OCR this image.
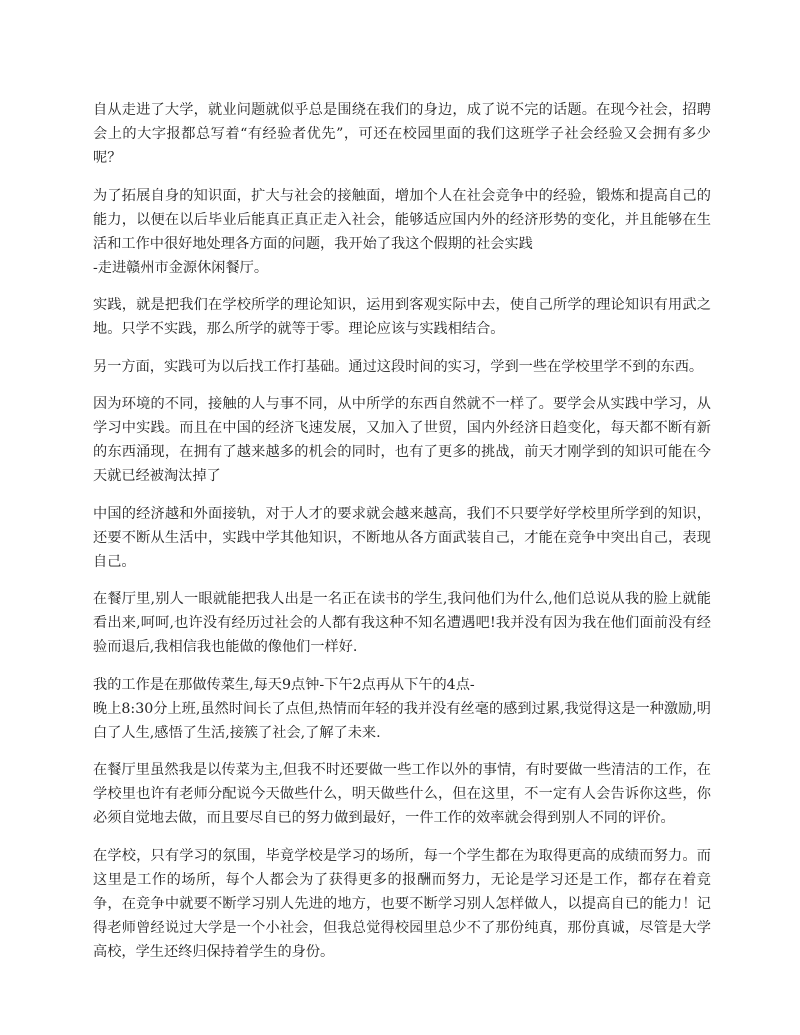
自从走进了大学，就业问题就似乎总是围绕在我们的身边，成了说不完的话题。在现今社会，招聘会上的大字报都总写着“有经验者优先”，可还在校园里面的我们这班学子社会经验又会拥有多少呢？

为了拓展自身的知识面，扩大与社会的接触面，增加个人在社会竞争中的经验，锻炼和提高自己的能力，以便在以后毕业后能真正真正走入社会，能够适应国内外的经济形势的变化，并且能够在生活和工作中很好地处理各方面的问题，我开始了我这个假期的社会实践
-走进赣州市金源休闲餐厅。

实践，就是把我们在学校所学的理论知识，运用到客观实际中去，使自己所学的理论知识有用武之地。只学不实践，那么所学的就等于零。理论应该与实践相结合。

另一方面，实践可为以后找工作打基础。通过这段时间的实习，学到一些在学校里学不到的东西。

因为环境的不同，接触的人与事不同，从中所学的东西自然就不一样了。要学会从实践中学习，从学习中实践。而且在中国的经济飞速发展，又加入了世贸，国内外经济日趋变化，每天都不断有新的东西涌现，在拥有了越来越多的机会的同时，也有了更多的挑战，前天才刚学到的知识可能在今天就已经被淘汰掉了

中国的经济越和外面接轨，对于人才的要求就会越来越高，我们不只要学好学校里所学到的知识，还要不断从生活中，实践中学其他知识，不断地从各方面武装自己，才能在竞争中突出自己，表现自己。

在餐厅里,别人一眼就能把我人出是一名正在读书的学生,我问他们为什么,他们总说从我的脸上就能看出来,呵呵,也许没有经历过社会的人都有我这种不知名遭遇吧!我并没有因为我在他们面前没有经验而退后,我相信我也能做的像他们一样好.

我的工作是在那做传菜生,每天9点钟-下午2点再从下午的4点-
晚上8:30分上班,虽然时间长了点但,热情而年轻的我并没有丝毫的感到过累,我觉得这是一种激励,明白了人生,感悟了生活,接簇了社会,了解了未来.

在餐厅里虽然我是以传菜为主,但我不时还要做一些工作以外的事情，有时要做一些清洁的工作，在学校里也许有老师分配说今天做些什么，明天做些什么，但在这里，不一定有人会告诉你这些，你必须自觉地去做，而且要尽自已的努力做到最好，一件工作的效率就会得到别人不同的评价。

在学校，只有学习的氛围，毕竟学校是学习的场所，每一个学生都在为取得更高的成绩而努力。而这里是工作的场所，每个人都会为了获得更多的报酬而努力，无论是学习还是工作，都存在着竞争，在竞争中就要不断学习别人先进的地方，也要不断学习别人怎样做人，以提高自已的能力！记得老师曾经说过大学是一个小社会，但我总觉得校园里总少不了那份纯真，那份真诚，尽管是大学高校，学生还终归保持着学生的身份。
